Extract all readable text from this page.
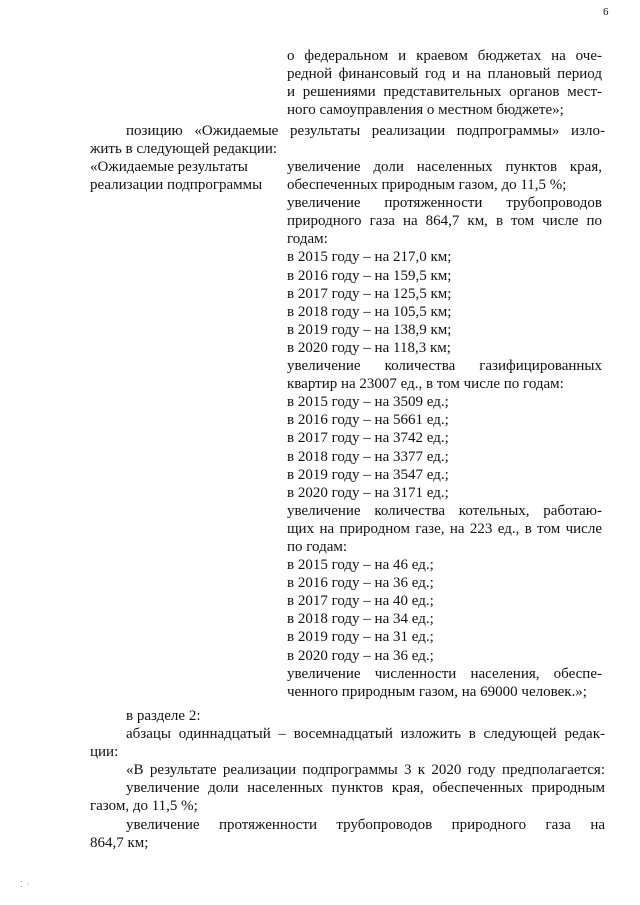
6
о федеральном и краевом бюджетах на оче-
редной финансовый год и на плановый период
и решениями представительных органов мест-
ного самоуправления о местном бюджете»;
позицию «Ожидаемые результаты реализации подпрограммы» изло-
жить в следующей редакции:
«Ожидаемые результаты
реализации подпрограммы
увеличение доли населенных пунктов края,
обеспеченных природным газом, до 11,5 %;
увеличение протяженности трубопроводов
природного газа на 864,7 км, в том числе по
годам:
в 2015 году – на 217,0 км;
в 2016 году – на 159,5 км;
в 2017 году – на 125,5 км;
в 2018 году – на 105,5 км;
в 2019 году – на 138,9 км;
в 2020 году – на 118,3 км;
увеличение количества газифицированных
квартир на 23007 ед., в том числе по годам:
в 2015 году – на 3509 ед.;
в 2016 году – на 5661 ед.;
в 2017 году – на 3742 ед.;
в 2018 году – на 3377 ед.;
в 2019 году – на 3547 ед.;
в 2020 году – на 3171 ед.;
увеличение количества котельных, работаю-
щих на природном газе, на 223 ед., в том числе
по годам:
в 2015 году – на 46 ед.;
в 2016 году – на 36 ед.;
в 2017 году – на 40 ед.;
в 2018 году – на 34 ед.;
в 2019 году – на 31 ед.;
в 2020 году – на 36 ед.;
увеличение численности населения, обеспе-
ченного природным газом, на 69000 человек.»;
в разделе 2:
абзацы одиннадцатый – восемнадцатый изложить в следующей редак-
ции:
«В результате реализации подпрограммы 3 к 2020 году предполагается:
увеличение доли населенных пунктов края, обеспеченных природным
газом, до 11,5 %;
увеличение протяженности трубопроводов природного газа на
864,7 км;
⁚ ·
